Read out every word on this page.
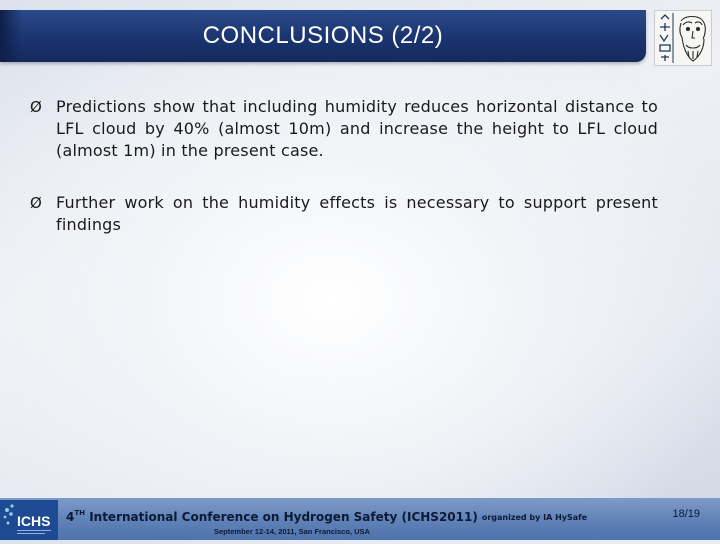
CONCLUSIONS (2/2)
Ø Predictions show that including humidity reduces horizontal distance to LFL cloud by 40% (almost 10m) and increase the height to LFL cloud (almost 1m) in the present case.
Ø Further work on the humidity effects is necessary to support present findings
ICHS 4TH International Conference on Hydrogen Safety (ICHS2011) organized by IA HySafe
September 12-14, 2011, San Francisco, USA
18/19
